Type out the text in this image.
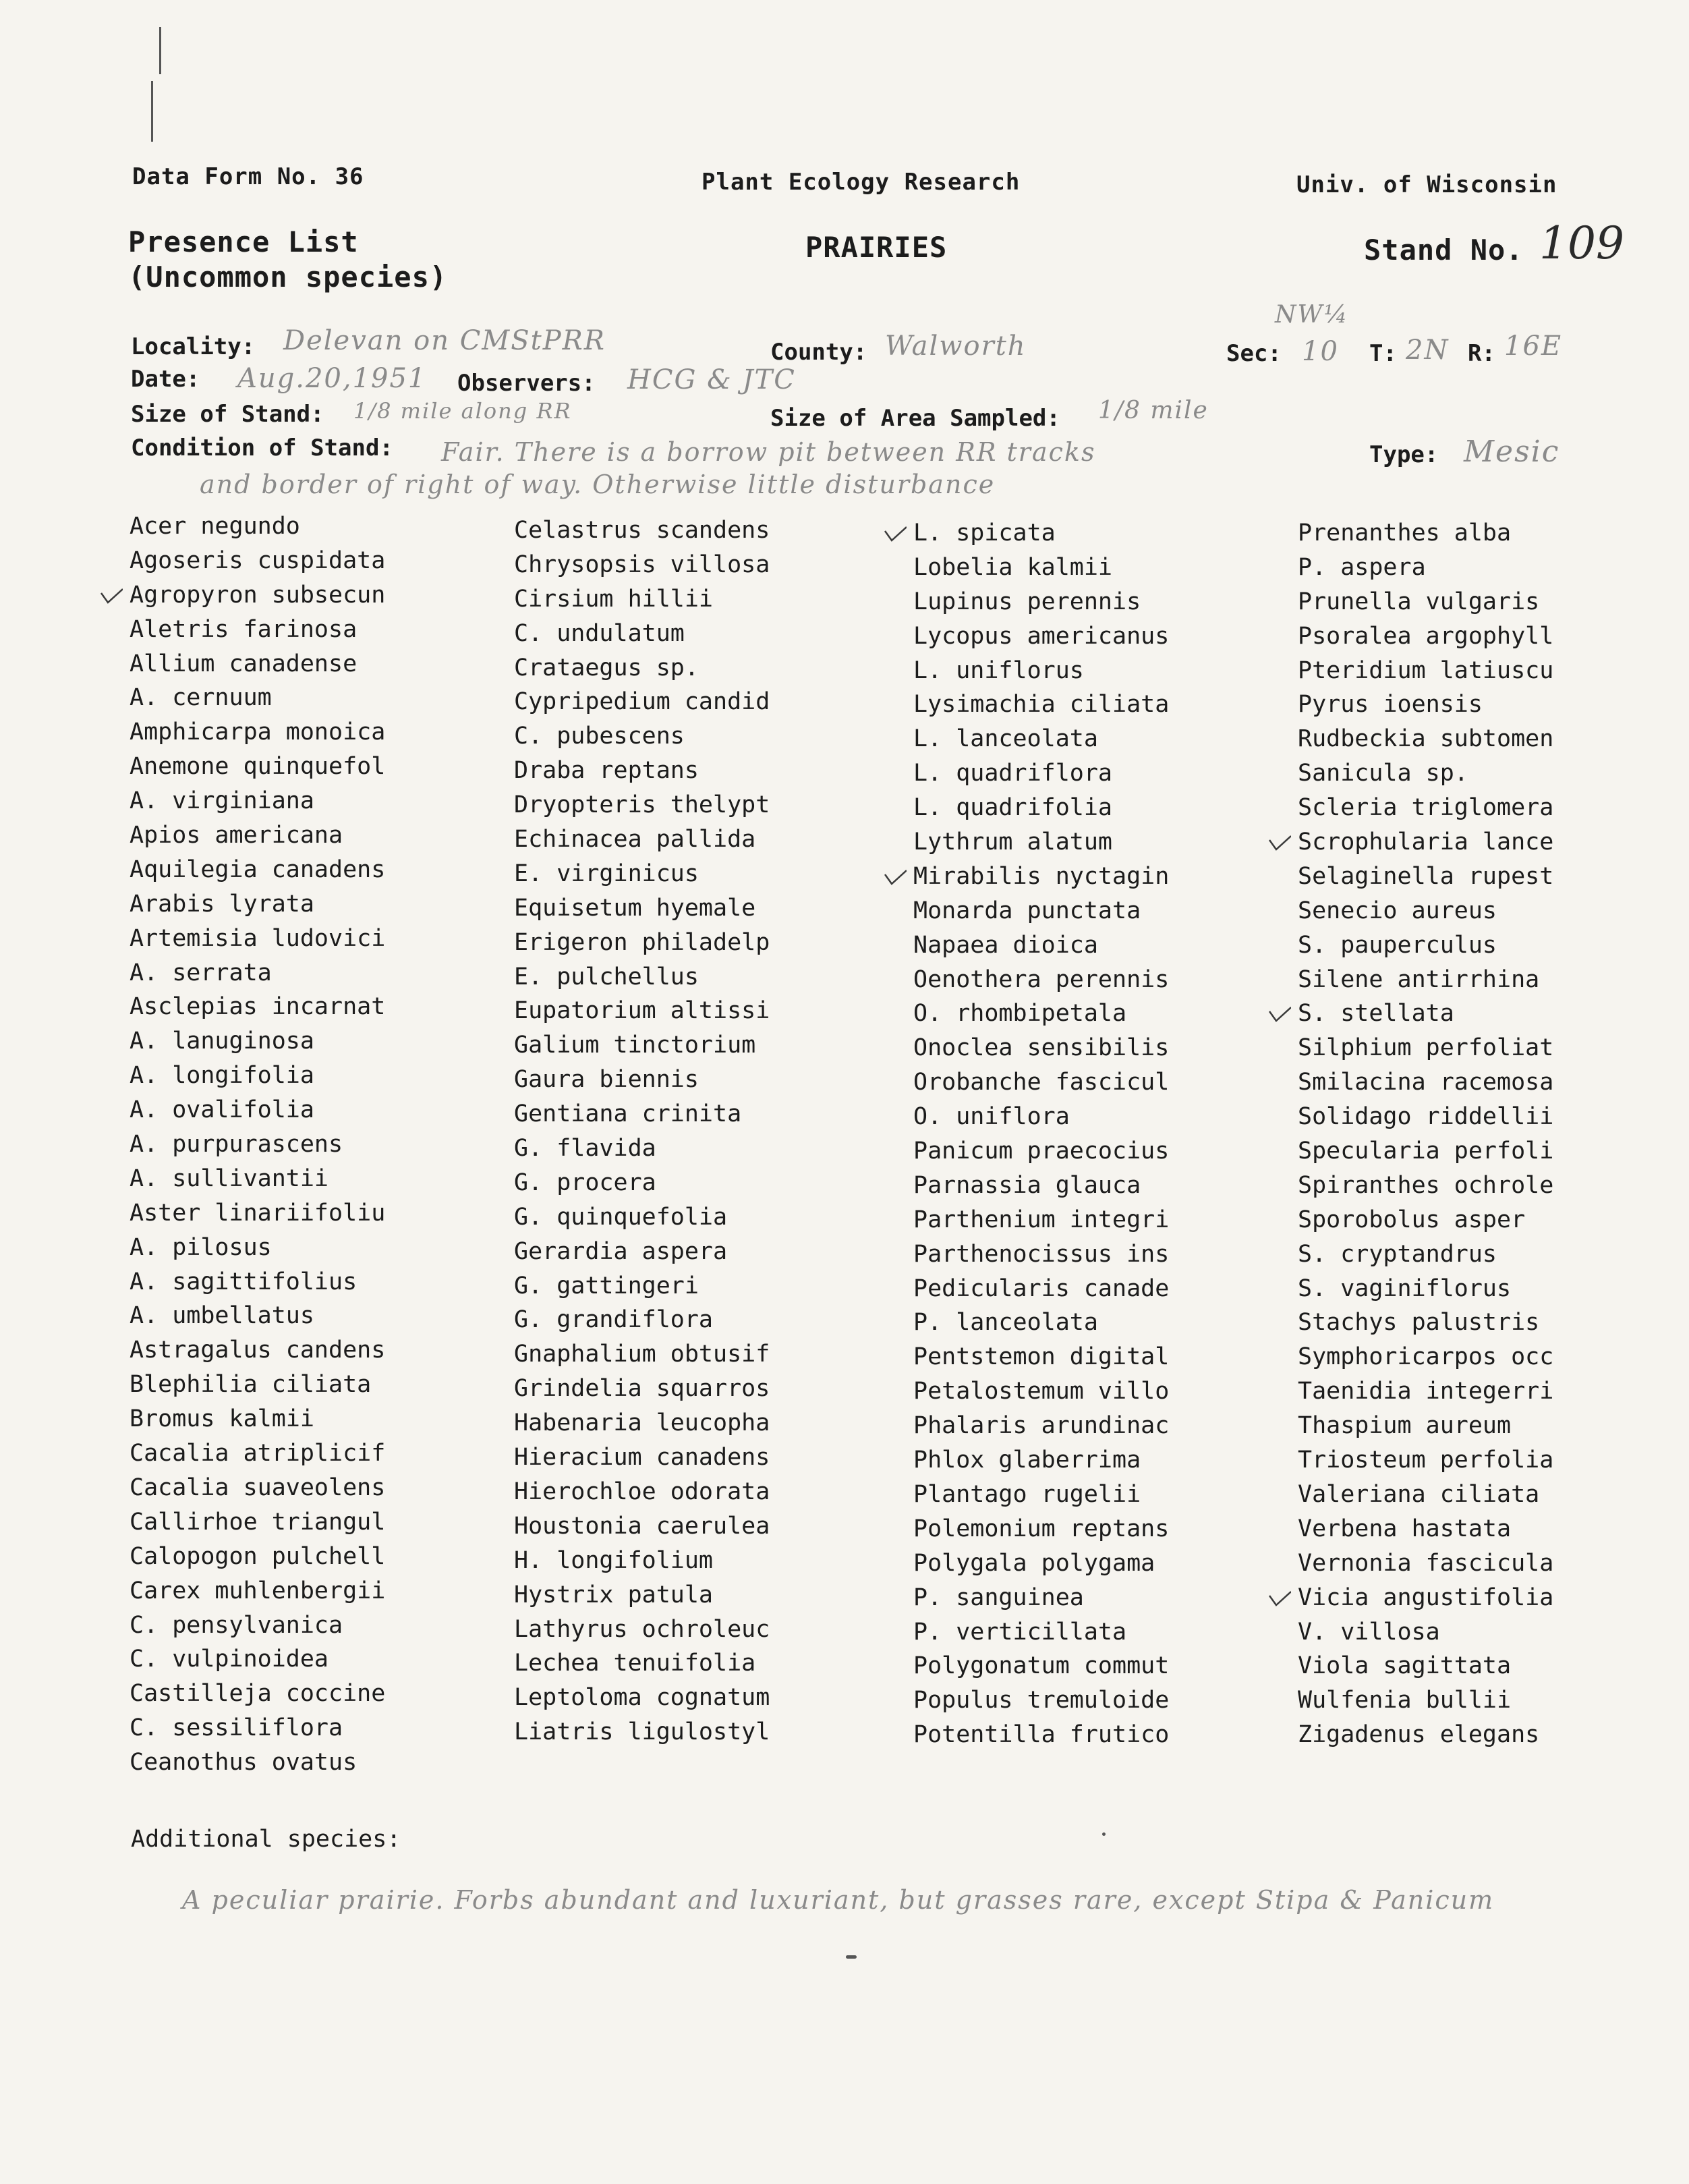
Data Form No. 36	Plant Ecology Research	Univ. of Wisconsin
Presence List
(Uncommon species)
PRAIRIES	Stand No. 109
Locality: Delevan on CMStPRR	County: Walworth
NW¼
Sec: 10 T: 2N R: 16E
Date: Aug.20,1951 Observers: HCG & JTC
Size of Stand: 1/8 mile along RR	Size of Area Sampled: 1/8 mile
Condition of Stand: Fair. There is a borrow pit between RR tracks
and border of right of way. Otherwise little disturbance
Type: Mesic
Acer negundo
Agoseris cuspidata
Agropyron subsecun
Aletris farinosa
Allium canadense
A. cernuum
Amphicarpa monoica
Anemone quinquefol
A. virginiana
Apios americana
Aquilegia canadens
Arabis lyrata
Artemisia ludovici
A. serrata
Asclepias incarnat
A. lanuginosa
A. longifolia
A. ovalifolia
A. purpurascens
A. sullivantii
Aster linariifoliu
A. pilosus
A. sagittifolius
A. umbellatus
Astragalus candens
Blephilia ciliata
Bromus kalmii
Cacalia atriplicif
Cacalia suaveolens
Callirhoe triangul
Calopogon pulchell
Carex muhlenbergii
C. pensylvanica
C. vulpinoidea
Castilleja coccine
C. sessiliflora
Ceanothus ovatus
Celastrus scandens
Chrysopsis villosa
Cirsium hillii
C. undulatum
Crataegus sp.
Cypripedium candid
C. pubescens
Draba reptans
Dryopteris thelypt
Echinacea pallida
E. virginicus
Equisetum hyemale
Erigeron philadelp
E. pulchellus
Eupatorium altissi
Galium tinctorium
Gaura biennis
Gentiana crinita
G. flavida
G. procera
G. quinquefolia
Gerardia aspera
G. gattingeri
G. grandiflora
Gnaphalium obtusif
Grindelia squarros
Habenaria leucopha
Hieracium canadens
Hierochloe odorata
Houstonia caerulea
H. longifolium
Hystrix patula
Lathyrus ochroleuc
Lechea tenuifolia
Leptoloma cognatum
Liatris ligulostyl
L. spicata
Lobelia kalmii
Lupinus perennis
Lycopus americanus
L. uniflorus
Lysimachia ciliata
L. lanceolata
L. quadriflora
L. quadrifolia
Lythrum alatum
Mirabilis nyctagin
Monarda punctata
Napaea dioica
Oenothera perennis
O. rhombipetala
Onoclea sensibilis
Orobanche fascicul
O. uniflora
Panicum praecocius
Parnassia glauca
Parthenium integri
Parthenocissus ins
Pedicularis canade
P. lanceolata
Pentstemon digital
Petalostemum villo
Phalaris arundinac
Phlox glaberrima
Plantago rugelii
Polemonium reptans
Polygala polygama
P. sanguinea
P. verticillata
Polygonatum commut
Populus tremuloide
Potentilla frutico
Prenanthes alba
P. aspera
Prunella vulgaris
Psoralea argophyll
Pteridium latiuscu
Pyrus ioensis
Rudbeckia subtomen
Sanicula sp.
Scleria triglomera
Scrophularia lance
Selaginella rupest
Senecio aureus
S. pauperculus
Silene antirrhina
S. stellata
Silphium perfoliat
Smilacina racemosa
Solidago riddellii
Specularia perfoli
Spiranthes ochrole
Sporobolus asper
S. cryptandrus
S. vaginiflorus
Stachys palustris
Symphoricarpos occ
Taenidia integerri
Thaspium aureum
Triosteum perfolia
Valeriana ciliata
Verbena hastata
Vernonia fascicula
Vicia angustifolia
V. villosa
Viola sagittata
Wulfenia bullii
Zigadenus elegans
Additional species:
A peculiar prairie. Forbs abundant and luxuriant, but grasses rare, except Stipa & Panicum
